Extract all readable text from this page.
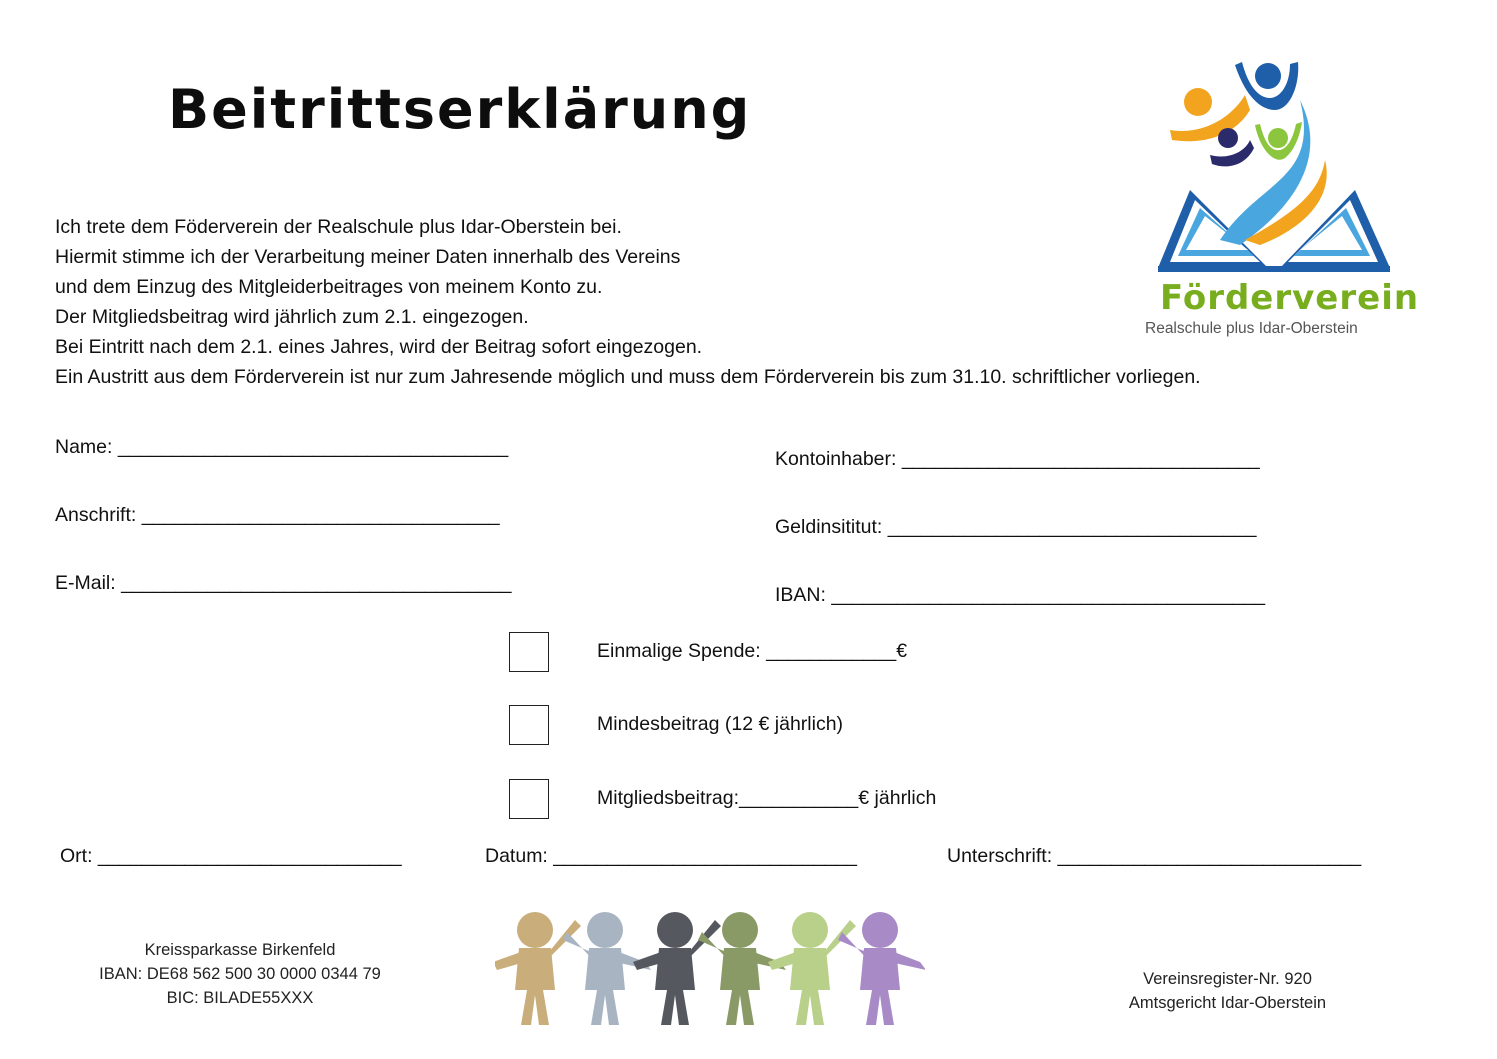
Beitrittserklärung
Ich trete dem Föderverein der Realschule plus Idar-Oberstein bei.
Hiermit stimme ich der Verarbeitung meiner Daten innerhalb des Vereins
und dem Einzug des Mitgleiderbeitrages von meinem Konto zu.
Der Mitgliedsbeitrag wird jährlich zum 2.1. eingezogen.
Bei Eintritt nach dem 2.1. eines Jahres, wird der Beitrag sofort eingezogen.
Ein Austritt aus dem Förderverein ist nur zum Jahresende möglich und muss dem Förderverein bis zum 31.10. schriftlicher vorliegen.
Förderverein
Realschule plus Idar-Oberstein
Name: ____________________________________
Anschrift: _________________________________
E-Mail: ____________________________________
Kontoinhaber: _________________________________
Geldinsititut: __________________________________
IBAN: ________________________________________
Einmalige Spende: ____________€
Mindesbeitrag (12 € jährlich)
Mitgliedsbeitrag:___________€ jährlich
Ort: ____________________________	Datum: ____________________________	Unterschrift: ____________________________
Kreissparkasse Birkenfeld
IBAN: DE68 562 500 30 0000 0344 79
BIC: BILADE55XXX
Vereinsregister-Nr. 920
Amtsgericht Idar-Oberstein
